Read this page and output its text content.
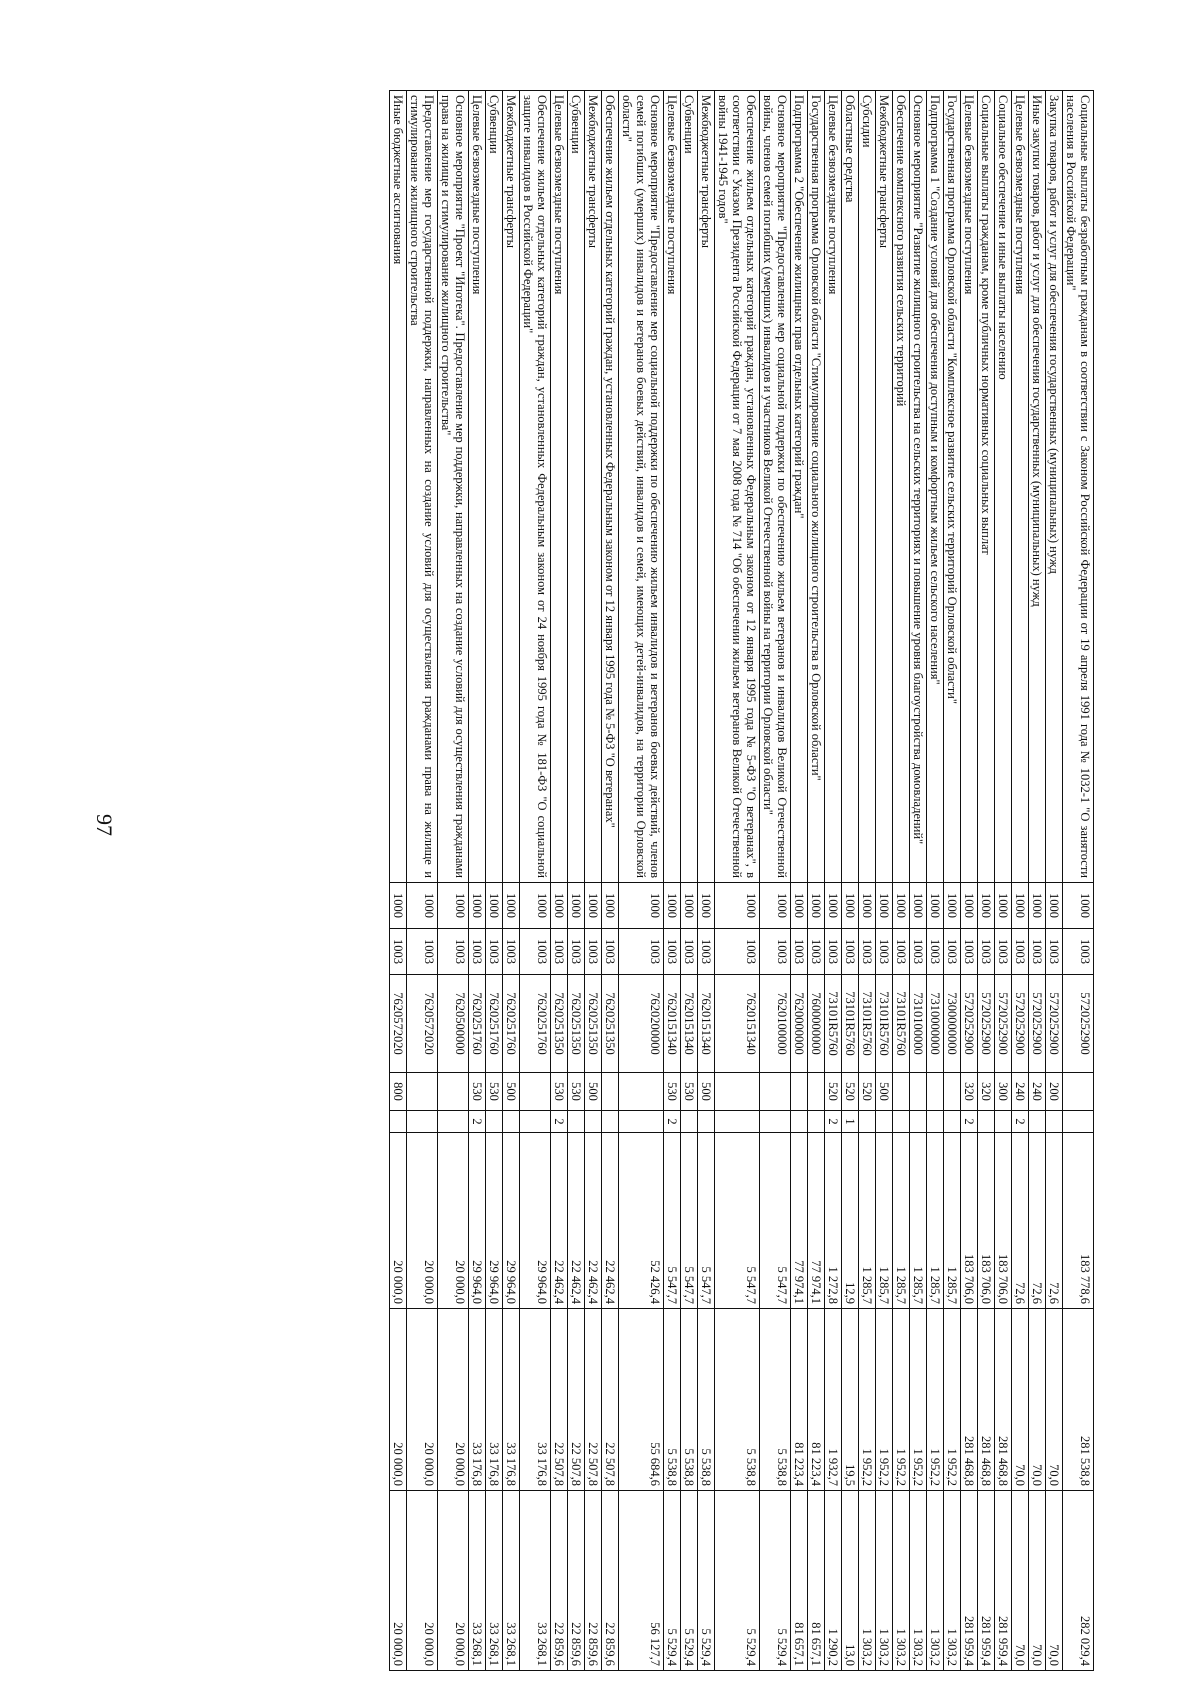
97	Социальные выплаты безработным гражданам в соответствии с Законом Российской Федерации от 19 апреля 1991 года № 1032-1 "О занятости населения в Российской Федерации"	1000	1003	5720252900			183 778,6	281 538,8	282 029,4
Закупка товаров, работ и услуг для обеспечения государственных (муниципальных) нужд	1000	1003	5720252900	200		72,6	70,0	70,0
Иные закупки товаров, работ и услуг для обеспечения государственных (муниципальных) нужд	1000	1003	5720252900	240		72,6	70,0	70,0
Целевые безвозмездные поступления	1000	1003	5720252900	240	2	72,6	70,0	70,0
Социальное обеспечение и иные выплаты населению	1000	1003	5720252900	300		183 706,0	281 468,8	281 959,4
Социальные выплаты гражданам, кроме публичных нормативных социальных выплат	1000	1003	5720252900	320		183 706,0	281 468,8	281 959,4
Целевые безвозмездные поступления	1000	1003	5720252900	320	2	183 706,0	281 468,8	281 959,4
Государственная программа Орловской области "Комплексное развитие сельских территорий Орловской области"	1000	1003	7300000000			1 285,7	1 952,2	1 303,2
Подпрограмма 1 "Создание условий для обеспечения доступным и комфортным жильем сельского населения"	1000	1003	7310000000			1 285,7	1 952,2	1 303,2
Основное мероприятие "Развитие жилищного строительства на сельских территориях и повышение уровня благоустройства домовладений"	1000	1003	7310100000			1 285,7	1 952,2	1 303,2
Обеспечение комплексного развития сельских территорий	1000	1003	73101R5760			1 285,7	1 952,2	1 303,2
Межбюджетные трансферты	1000	1003	73101R5760	500		1 285,7	1 952,2	1 303,2
Субсидии	1000	1003	73101R5760	520		1 285,7	1 952,2	1 303,2
Областные средства	1000	1003	73101R5760	520	1	12,9	19,5	13,0
Целевые безвозмездные поступления	1000	1003	73101R5760	520	2	1 272,8	1 932,7	1 290,2
Государственная программа Орловской области "Стимулирование социального жилищного строительства в Орловской области"	1000	1003	7600000000			77 974,1	81 223,4	81 657,1
Подпрограмма 2 "Обеспечение жилищных прав отдельных категорий граждан"	1000	1003	7620000000			77 974,1	81 223,4	81 657,1
Основное мероприятие "Предоставление мер социальной поддержки по обеспечению жильем ветеранов и инвалидов Великой Отечественной войны, членов семей погибших (умерших) инвалидов и участников Великой Отечественной войны на территории Орловской области"	1000	1003	7620100000			5 547,7	5 538,8	5 529,4
Обеспечение жильем отдельных категорий граждан, установленных Федеральным законом от 12 января 1995 года № 5-ФЗ "О ветеранах", в соответствии с Указом Президента Российской Федерации от 7 мая 2008 года № 714 "Об обеспечении жильем ветеранов Великой Отечественной войны 1941-1945 годов"	1000	1003	7620151340			5 547,7	5 538,8	5 529,4
Межбюджетные трансферты	1000	1003	7620151340	500		5 547,7	5 538,8	5 529,4
Субвенции	1000	1003	7620151340	530		5 547,7	5 538,8	5 529,4
Целевые безвозмездные поступления	1000	1003	7620151340	530	2	5 547,7	5 538,8	5 529,4
Основное мероприятие "Предоставление мер социальной поддержки по обеспечению жильем инвалидов и ветеранов боевых действий, членов семей погибших (умерших) инвалидов и ветеранов боевых действий, инвалидов и семей, имеющих детей-инвалидов, на территории Орловской области"	1000	1003	7620200000			52 426,4	55 684,6	56 127,7
Обеспечение жильем отдельных категорий граждан, установленных Федеральным законом от 12 января 1995 года № 5-ФЗ "О ветеранах"	1000	1003	7620251350			22 462,4	22 507,8	22 859,6
Межбюджетные трансферты	1000	1003	7620251350	500		22 462,4	22 507,8	22 859,6
Субвенции	1000	1003	7620251350	530		22 462,4	22 507,8	22 859,6
Целевые безвозмездные поступления	1000	1003	7620251350	530	2	22 462,4	22 507,8	22 859,6
Обеспечение жильем отдельных категорий граждан, установленных Федеральным законом от 24 ноября 1995 года № 181-ФЗ "О социальной защите инвалидов в Российской Федерации"	1000	1003	7620251760			29 964,0	33 176,8	33 268,1
Межбюджетные трансферты	1000	1003	7620251760	500		29 964,0	33 176,8	33 268,1
Субвенции	1000	1003	7620251760	530		29 964,0	33 176,8	33 268,1
Целевые безвозмездные поступления	1000	1003	7620251760	530	2	29 964,0	33 176,8	33 268,1
Основное мероприятие "Проект "Ипотека". Предоставление мер поддержки, направленных на создание условий для осуществления гражданами права на жилище и стимулирование жилищного строительства"	1000	1003	7620500000			20 000,0	20 000,0	20 000,0
Предоставление мер государственной поддержки, направленных на создание условий для осуществления гражданами права на жилище и стимулирование жилищного строительства	1000	1003	7620572020			20 000,0	20 000,0	20 000,0
Иные бюджетные ассигнования	1000	1003	7620572020	800		20 000,0	20 000,0	20 000,0
